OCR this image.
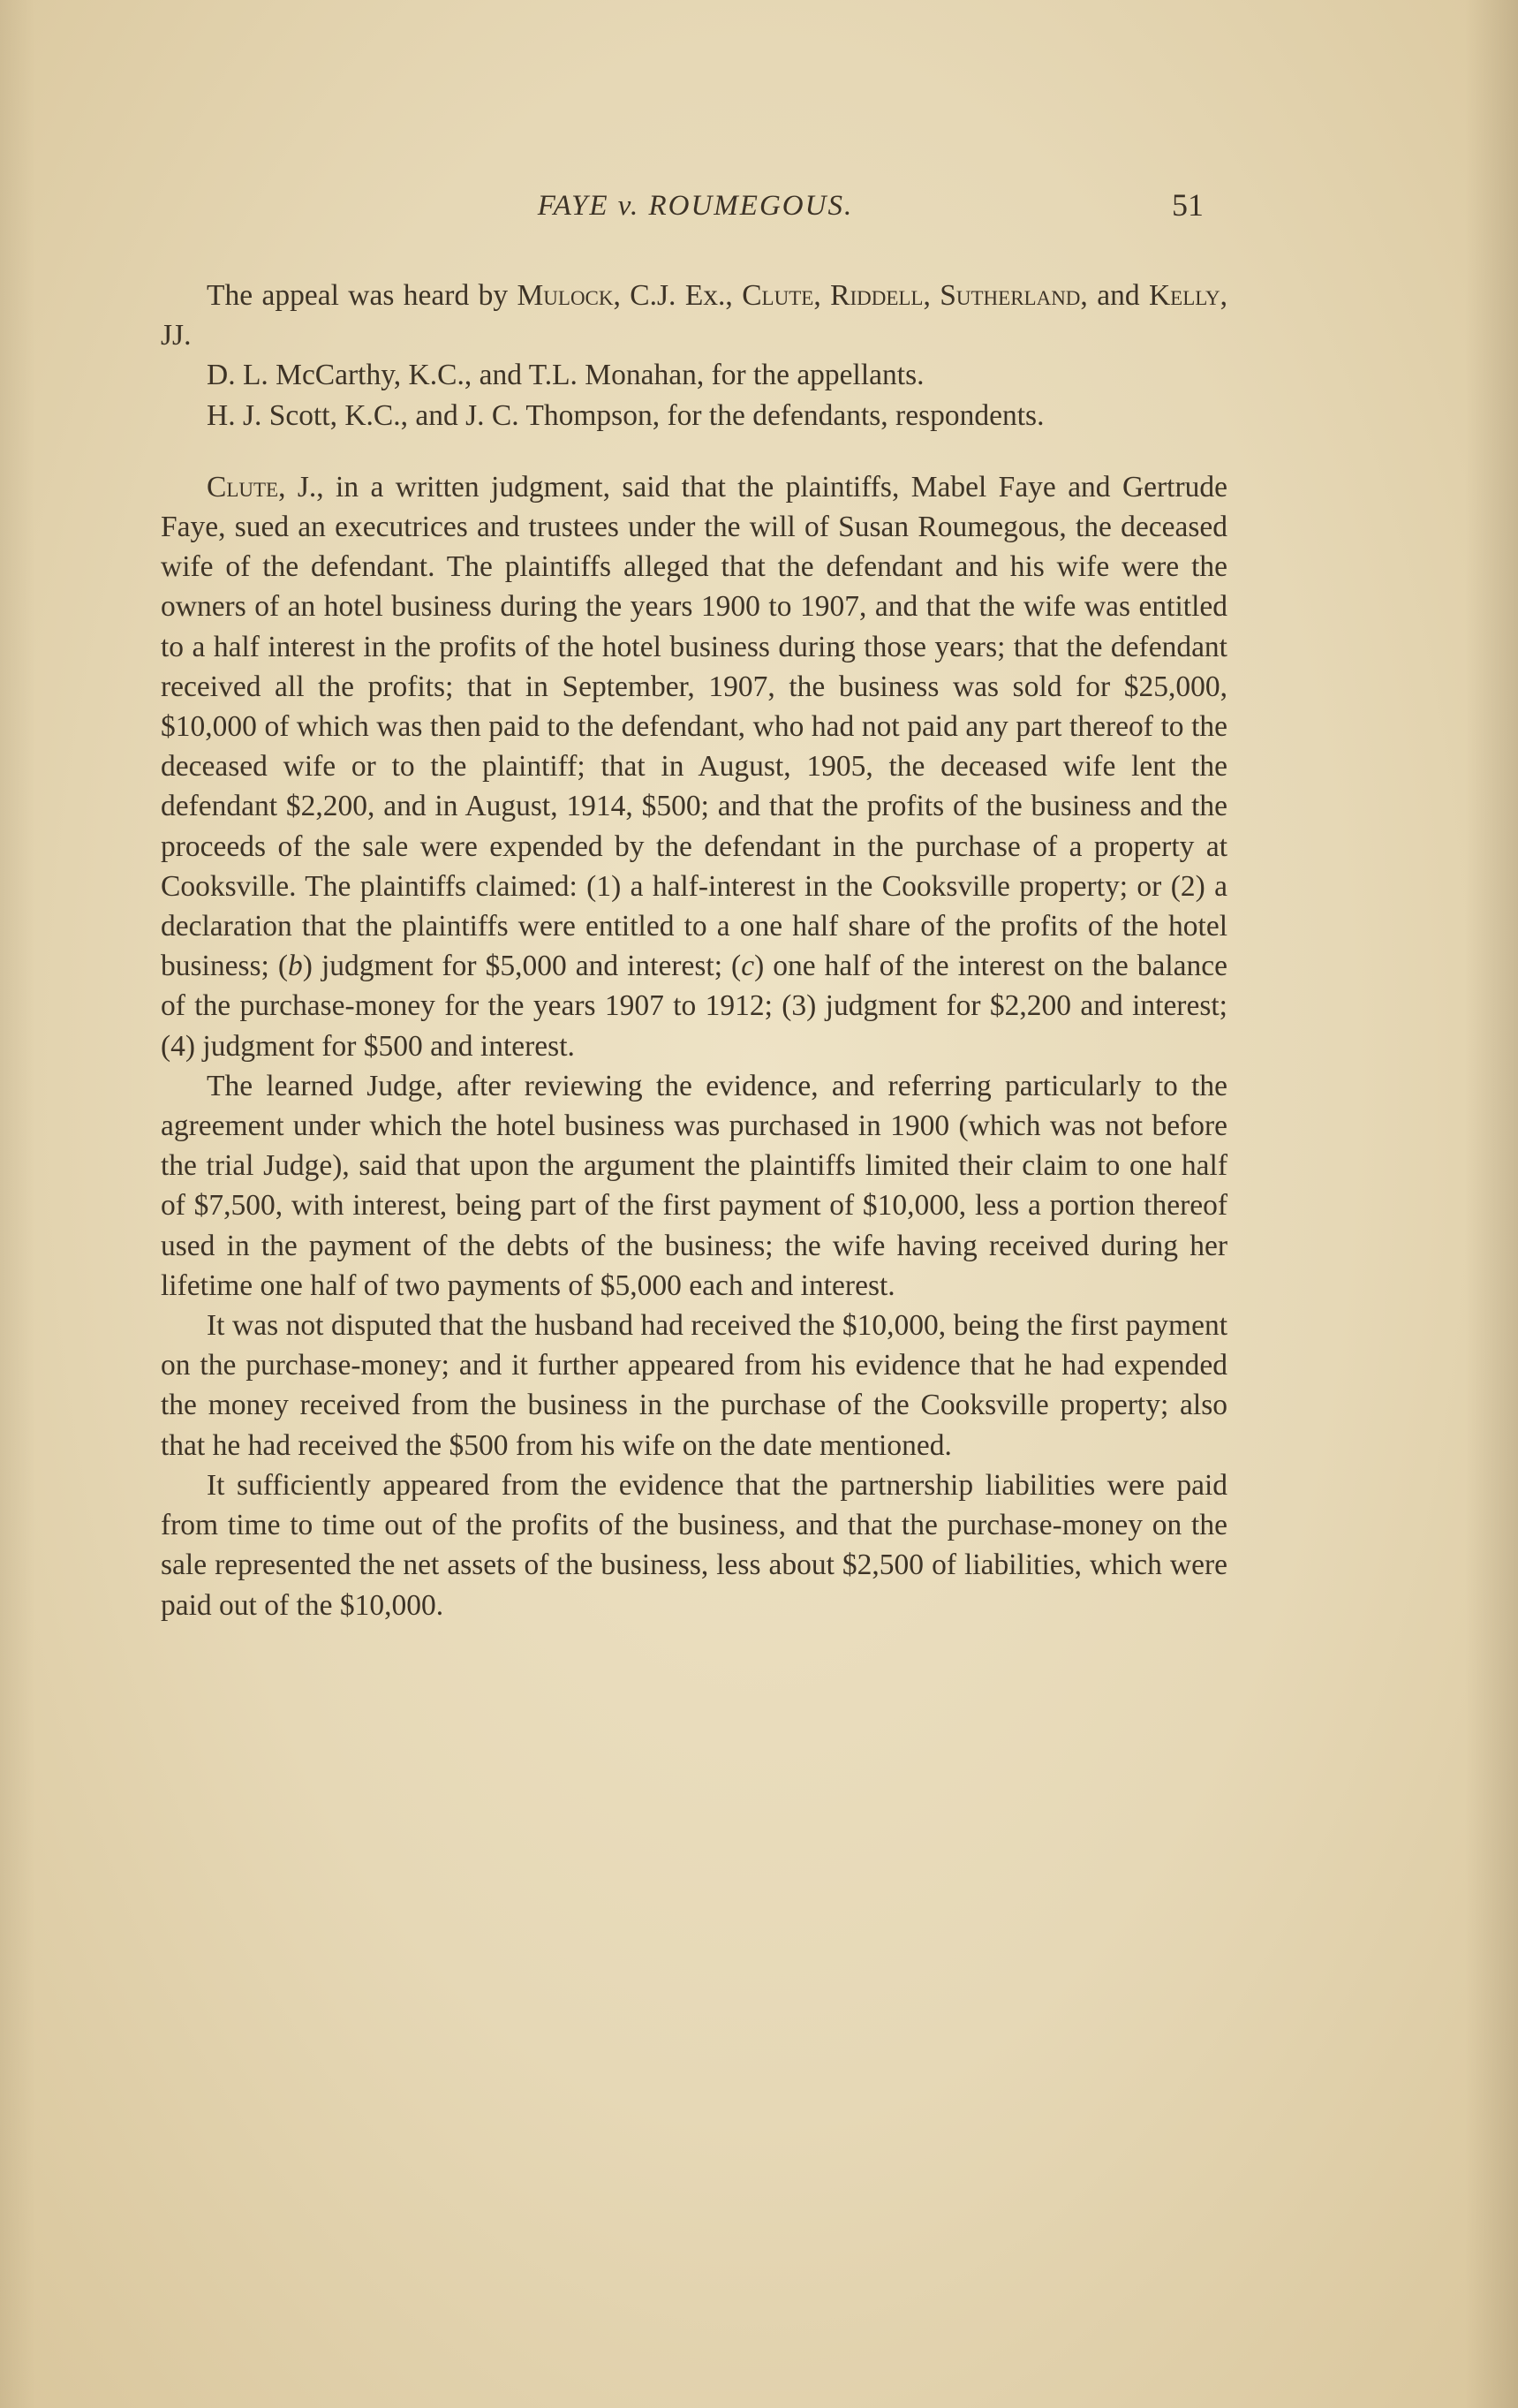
FAYE v. ROUMEGOUS.	51

The appeal was heard by Mulock, C.J. Ex., Clute, Riddell, Sutherland, and Kelly, JJ.

D. L. McCarthy, K.C., and T.L. Monahan, for the appellants.

H. J. Scott, K.C., and J. C. Thompson, for the defendants, respondents.

Clute, J., in a written judgment, said that the plaintiffs, Mabel Faye and Gertrude Faye, sued an executrices and trustees under the will of Susan Roumegous, the deceased wife of the defendant. The plaintiffs alleged that the defendant and his wife were the owners of an hotel business during the years 1900 to 1907, and that the wife was entitled to a half interest in the profits of the hotel business during those years; that the defendant received all the profits; that in September, 1907, the business was sold for $25,000, $10,000 of which was then paid to the defendant, who had not paid any part thereof to the deceased wife or to the plaintiff; that in August, 1905, the deceased wife lent the defendant $2,200, and in August, 1914, $500; and that the profits of the business and the proceeds of the sale were expended by the defendant in the purchase of a property at Cooksville. The plaintiffs claimed: (1) a half-interest in the Cooksville property; or (2) a declaration that the plaintiffs were entitled to a one half share of the profits of the hotel business; (b) judgment for $5,000 and interest; (c) one half of the interest on the balance of the purchase-money for the years 1907 to 1912; (3) judgment for $2,200 and interest; (4) judgment for $500 and interest.

The learned Judge, after reviewing the evidence, and referring particularly to the agreement under which the hotel business was purchased in 1900 (which was not before the trial Judge), said that upon the argument the plaintiffs limited their claim to one half of $7,500, with interest, being part of the first payment of $10,000, less a portion thereof used in the payment of the debts of the business; the wife having received during her lifetime one half of two payments of $5,000 each and interest.

It was not disputed that the husband had received the $10,000, being the first payment on the purchase-money; and it further appeared from his evidence that he had expended the money received from the business in the purchase of the Cooksville property; also that he had received the $500 from his wife on the date mentioned.

It sufficiently appeared from the evidence that the partnership liabilities were paid from time to time out of the profits of the business, and that the purchase-money on the sale represented the net assets of the business, less about $2,500 of liabilities, which were paid out of the $10,000.
